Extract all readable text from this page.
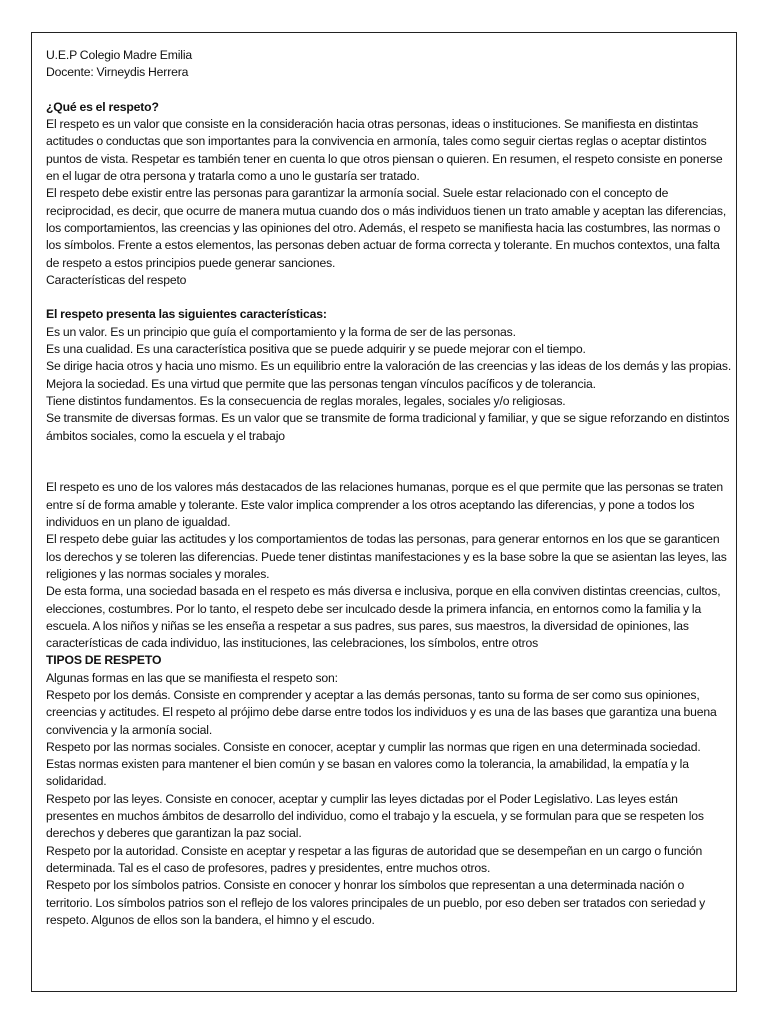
U.E.P Colegio Madre Emilia

Docente: Virneydis Herrera

¿Qué es el respeto?

El respeto es un valor que consiste en la consideración hacia otras personas, ideas o instituciones. Se manifiesta en distintas actitudes o conductas que son importantes para la convivencia en armonía, tales como seguir ciertas reglas o aceptar distintos puntos de vista. Respetar es también tener en cuenta lo que otros piensan o quieren. En resumen, el respeto consiste en ponerse en el lugar de otra persona y tratarla como a uno le gustaría ser tratado.

El respeto debe existir entre las personas para garantizar la armonía social. Suele estar relacionado con el concepto de reciprocidad, es decir, que ocurre de manera mutua cuando dos o más individuos tienen un trato amable y aceptan las diferencias, los comportamientos, las creencias y las opiniones del otro. Además, el respeto se manifiesta hacia las costumbres, las normas o los símbolos. Frente a estos elementos, las personas deben actuar de forma correcta y tolerante. En muchos contextos, una falta de respeto a estos principios puede generar sanciones.

Características del respeto

El respeto presenta las siguientes características:

Es un valor. Es un principio que guía el comportamiento y la forma de ser de las personas.

Es una cualidad. Es una característica positiva que se puede adquirir y se puede mejorar con el tiempo.

Se dirige hacia otros y hacia uno mismo. Es un equilibrio entre la valoración de las creencias y las ideas de los demás y las propias.

Mejora la sociedad. Es una virtud que permite que las personas tengan vínculos pacíficos y de tolerancia.

Tiene distintos fundamentos. Es la consecuencia de reglas morales, legales, sociales y/o religiosas.

Se transmite de diversas formas. Es un valor que se transmite de forma tradicional y familiar, y que se sigue reforzando en distintos ámbitos sociales, como la escuela y el trabajo

El respeto es uno de los valores más destacados de las relaciones humanas, porque es el que permite que las personas se traten entre sí de forma amable y tolerante. Este valor implica comprender a los otros aceptando las diferencias, y pone a todos los individuos en un plano de igualdad.

El respeto debe guiar las actitudes y los comportamientos de todas las personas, para generar entornos en los que se garanticen los derechos y se toleren las diferencias. Puede tener distintas manifestaciones y es la base sobre la que se asientan las leyes, las religiones y las normas sociales y morales.

De esta forma, una sociedad basada en el respeto es más diversa e inclusiva, porque en ella conviven distintas creencias, cultos, elecciones, costumbres. Por lo tanto, el respeto debe ser inculcado desde la primera infancia, en entornos como la familia y la escuela. A los niños y niñas se les enseña a respetar a sus padres, sus pares, sus maestros, la diversidad de opiniones, las características de cada individuo, las instituciones, las celebraciones, los símbolos, entre otros

TIPOS DE RESPETO

Algunas formas en las que se manifiesta el respeto son:

Respeto por los demás. Consiste en comprender y aceptar a las demás personas, tanto su forma de ser como sus opiniones, creencias y actitudes. El respeto al prójimo debe darse entre todos los individuos y es una de las bases que garantiza una buena convivencia y la armonía social.

Respeto por las normas sociales. Consiste en conocer, aceptar y cumplir las normas que rigen en una determinada sociedad. Estas normas existen para mantener el bien común y se basan en valores como la tolerancia, la amabilidad, la empatía y la solidaridad.

Respeto por las leyes. Consiste en conocer, aceptar y cumplir las leyes dictadas por el Poder Legislativo. Las leyes están presentes en muchos ámbitos de desarrollo del individuo, como el trabajo y la escuela, y se formulan para que se respeten los derechos y deberes que garantizan la paz social.

Respeto por la autoridad. Consiste en aceptar y respetar a las figuras de autoridad que se desempeñan en un cargo o función determinada. Tal es el caso de profesores, padres y presidentes, entre muchos otros.

Respeto por los símbolos patrios. Consiste en conocer y honrar los símbolos que representan a una determinada nación o territorio. Los símbolos patrios son el reflejo de los valores principales de un pueblo, por eso deben ser tratados con seriedad y respeto. Algunos de ellos son la bandera, el himno y el escudo.
